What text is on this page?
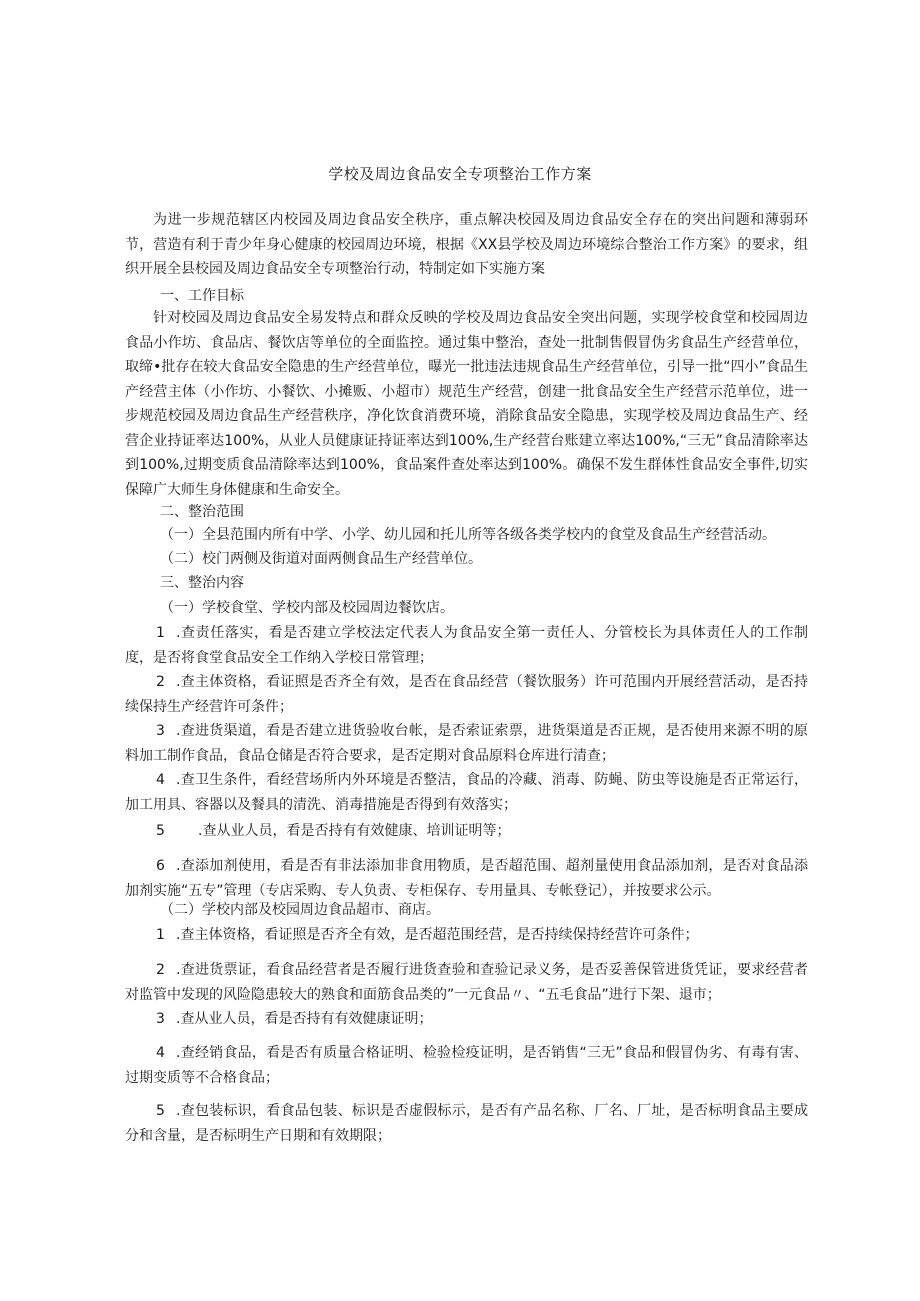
学校及周边食品安全专项整治工作方案

为进一步规范辖区内校园及周边食品安全秩序，重点解决校园及周边食品安全存在的突出问题和薄弱环节，营造有利于青少年身心健康的校园周边环境，根据《XX县学校及周边环境综合整治工作方案》的要求，组织开展全县校园及周边食品安全专项整治行动，特制定如下实施方案

一、工作目标

针对校园及周边食品安全易发特点和群众反映的学校及周边食品安全突出问题，实现学校食堂和校园周边食品小作坊、食品店、餐饮店等单位的全面监控。通过集中整治，查处一批制售假冒伪劣食品生产经营单位，取缔•批存在较大食品安全隐患的生产经营单位，曝光一批违法违规食品生产经营单位，引导一批“四小”食品生产经营主体（小作坊、小餐饮、小摊贩、小超市）规范生产经营，创建一批食品安全生产经营示范单位，进一步规范校园及周边食品生产经营秩序，净化饮食消费环境，消除食品安全隐患，实现学校及周边食品生产、经营企业持证率达100%，从业人员健康证持证率达到100%,生产经营台账建立率达100%,“三无”食品清除率达到100%,过期变质食品清除率达到100%，食品案件查处率达到100%。确保不发生群体性食品安全事件,切实保障广大师生身体健康和生命安全。

二、整治范围
（一）全县范围内所有中学、小学、幼儿园和托儿所等各级各类学校内的食堂及食品生产经营活动。
（二）校门两侧及街道对面两侧食品生产经营单位。
三、整治内容
（一）学校食堂、学校内部及校园周边餐饮店。

1 .查责任落实，看是否建立学校法定代表人为食品安全第一责任人、分管校长为具体责任人的工作制度，是否将食堂食品安全工作纳入学校日常管理；

2 .查主体资格，看证照是否齐全有效，是否在食品经营（餐饮服务）许可范围内开展经营活动，是否持续保持生产经营许可条件；

3 .查进货渠道，看是否建立进货验收台帐，是否索证索票，进货渠道是否正规，是否使用来源不明的原料加工制作食品，食品仓储是否符合要求，是否定期对食品原料仓库进行清查；

4 .查卫生条件，看经营场所内外环境是否整洁，食品的冷藏、消毒、防蝇、防虫等设施是否正常运行，加工用具、容器以及餐具的清洗、消毒措施是否得到有效落实；

5 .查从业人员，看是否持有有效健康、培训证明等；

6 .查添加剂使用，看是否有非法添加非食用物质，是否超范围、超剂量使用食品添加剂，是否对食品添加剂实施“五专”管理（专店采购、专人负责、专柜保存、专用量具、专帐登记），并按要求公示。

（二）学校内部及校园周边食品超市、商店。

1 .查主体资格，看证照是否齐全有效，是否超范围经营，是否持续保持经营许可条件；

2 .查进货票证，看食品经营者是否履行进货查验和查验记录义务，是否妥善保管进货凭证，要求经营者对监管中发现的风险隐患较大的熟食和面筋食品类的”一元食品〃、“五毛食品”进行下架、退市；

3 .查从业人员，看是否持有有效健康证明；

4 .查经销食品，看是否有质量合格证明、检验检疫证明，是否销售“三无”食品和假冒伪劣、有毒有害、过期变质等不合格食品；

5 .查包装标识，看食品包装、标识是否虚假标示，是否有产品名称、厂名、厂址，是否标明食品主要成分和含量，是否标明生产日期和有效期限；
